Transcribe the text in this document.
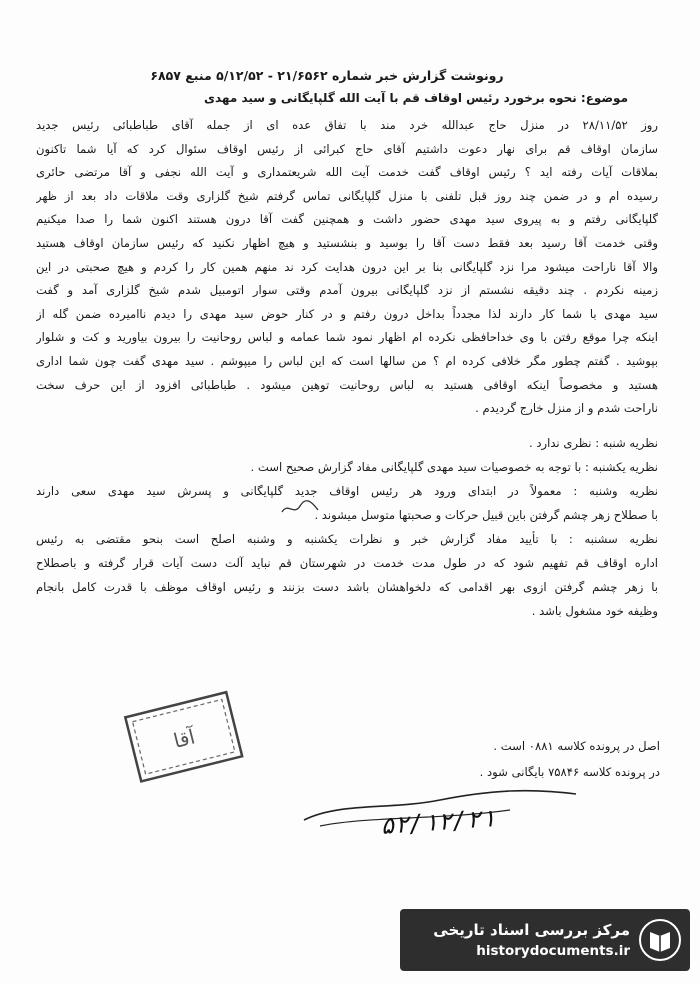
رونوشت گزارش خبر شماره ۲۱/۶۵۶۲ - ۵/۱۲/۵۲ منبع ۶۸۵۷
موضوع: نحوه برخورد رئیس اوقاف قم با آیت الله گلپایگانی و سید مهدی
روز ۲۸/۱۱/۵۲ در منزل حاج عبدالله خرد مند با تفاق عده ای از جمله آقای طباطبائی رئیس جدید
سازمان اوقاف قم برای نهار دعوت داشتیم آقای حاج کبرائی از رئیس اوقاف سئوال کرد که آیا شما تاکنون
بملاقات آیات رفته اید ؟ رئیس اوقاف گفت خدمت آیت الله شریعتمداری و آیت الله نجفی و آقا مرتضی حائری
رسیده ام و در ضمن چند روز قبل تلفنی با منزل گلپایگانی تماس گرفتم شیخ گلزاری وقت ملاقات داد بعد از ظهر
گلپایگانی رفتم و به پیروی سید مهدی حضور داشت و همچنین گفت آقا درون هستند اکنون شما را صدا میکنیم
وقتی خدمت آقا رسید بعد فقط دست آقا را بوسید و بنشستید و هیچ اظهار نکنید که رئیس سازمان اوقاف هستید
والا آقا ناراحت میشود مرا نزد گلپایگانی بنا بر این درون هدایت کرد ند منهم همین کار را کردم و هیچ صحبتی در این
زمینه نکردم . چند دقیقه نشستم از نزد گلپایگانی بیرون آمدم وقتی سوار اتومبیل شدم شیخ گلزاری آمد و گفت
سید مهدی با شما کار دارند لذا مجدداً بداخل درون رفتم و در کنار حوض سید مهدی را دیدم ناامیرده ضمن گله از
اینکه چرا موقع رفتن با وی خداحافظی نکرده ام اظهار نمود شما عمامه و لباس روحانیت را بیرون بیاورید و کت و شلوار
بپوشید . گفتم چطور مگر خلافی کرده ام ؟ من سالها است که این لباس را میپوشم . سید مهدی گفت چون شما اداری
هستید و مخصوصاً اینکه اوقافی هستید به لباس روحانیت توهین میشود . طباطبائی افزود از این حرف سخت
ناراحت شدم و از منزل خارج گردیدم .
نظریه شنبه : نظری ندارد .
نظریه یکشنبه : با توجه به خصوصیات سید مهدی گلپایگانی مفاد گزارش صحیح است .
نظریه وشنبه : معمولاً در ابتدای ورود هر رئیس اوقاف جدید گلپایگانی و پسرش سید مهدی سعی دارند
با صطلاح زهر چشم گرفتن باین قبیل حرکات و صحبتها متوسل میشوند .
نظریه سشنبه : با تأیید مفاد گزارش خبر و نظرات یکشنبه و وشنبه اصلح است بنحو مقتضی به رئیس
اداره اوقاف قم تفهیم شود که در طول مدت خدمت در شهرستان قم نباید آلت دست آیات قرار گرفته و باصطلاح
با زهر چشم گرفتن ازوی بهر اقدامی که دلخواهشان باشد دست بزنند و رئیس اوقاف موظف با قدرت کامل بانجام
وظیفه خود مشغول باشد .
آقا	اصل در پرونده کلاسه ۰۸۸۱ است .
در پرونده کلاسه ۷۵۸۴۶ بایگانی شود .
۵۲/۱۲/۲۱
مرکز بررسی اسناد تاریخی
historydocuments.ir
